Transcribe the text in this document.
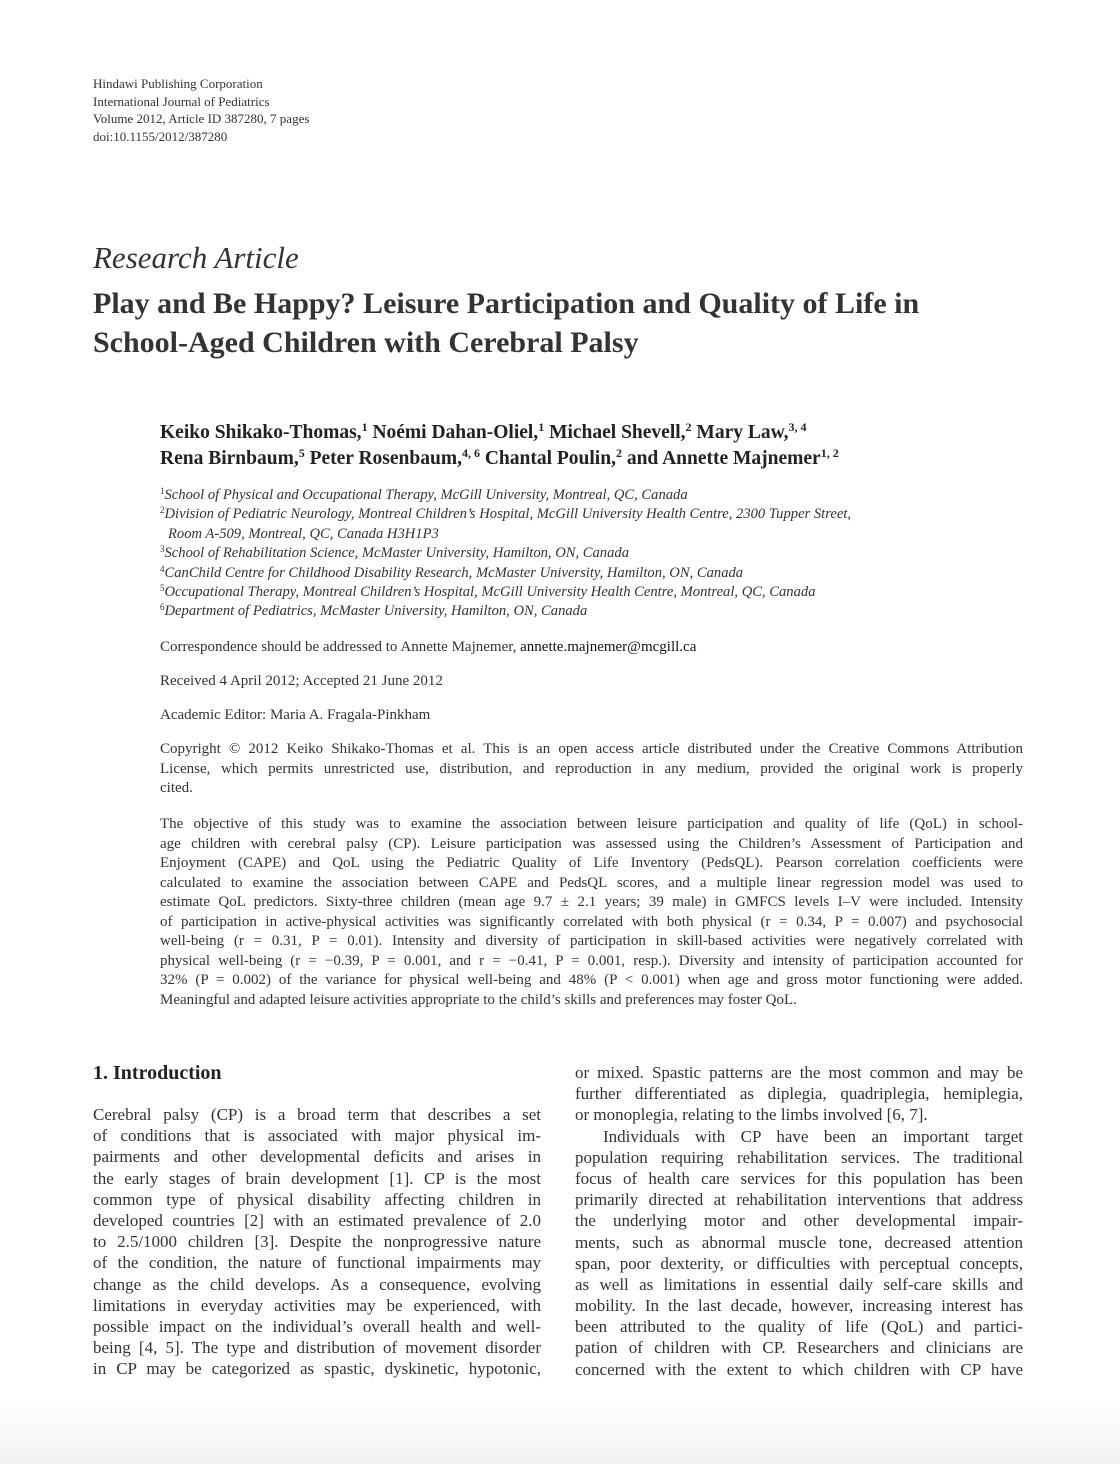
Hindawi Publishing Corporation
International Journal of Pediatrics
Volume 2012, Article ID 387280, 7 pages
doi:10.1155/2012/387280
Research Article
Play and Be Happy? Leisure Participation and Quality of Life in
School-Aged Children with Cerebral Palsy
Keiko Shikako-Thomas,$^1$ Noémi Dahan-Oliel,$^1$ Michael Shevell,$^2$ Mary Law,$^{3, 4}$
Rena Birnbaum,$^5$ Peter Rosenbaum,$^{4, 6}$ Chantal Poulin,$^2$ and Annette Majnemer$^{1, 2}$
$^1$School of Physical and Occupational Therapy, McGill University, Montreal, QC, Canada
$^2$Division of Pediatric Neurology, Montreal Children’s Hospital, McGill University Health Centre, 2300 Tupper Street,
Room A-509, Montreal, QC, Canada H3H1P3
$^3$School of Rehabilitation Science, McMaster University, Hamilton, ON, Canada
$^4$CanChild Centre for Childhood Disability Research, McMaster University, Hamilton, ON, Canada
$^5$Occupational Therapy, Montreal Children’s Hospital, McGill University Health Centre, Montreal, QC, Canada
$^6$Department of Pediatrics, McMaster University, Hamilton, ON, Canada
Correspondence should be addressed to Annette Majnemer, annette.majnemer@mcgill.ca
Received 4 April 2012; Accepted 21 June 2012
Academic Editor: Maria A. Fragala-Pinkham
Copyright © 2012 Keiko Shikako-Thomas et al. This is an open access article distributed under the Creative Commons Attribution
License, which permits unrestricted use, distribution, and reproduction in any medium, provided the original work is properly
cited.
The objective of this study was to examine the association between leisure participation and quality of life (QoL) in school-
age children with cerebral palsy (CP). Leisure participation was assessed using the Children’s Assessment of Participation and
Enjoyment (CAPE) and QoL using the Pediatric Quality of Life Inventory (PedsQL). Pearson correlation coefficients were
calculated to examine the association between CAPE and PedsQL scores, and a multiple linear regression model was used to
estimate QoL predictors. Sixty-three children (mean age 9.7 ± 2.1 years; 39 male) in GMFCS levels I–V were included. Intensity
of participation in active-physical activities was significantly correlated with both physical (r = 0.34, P = 0.007) and psychosocial
well-being (r = 0.31, P = 0.01). Intensity and diversity of participation in skill-based activities were negatively correlated with
physical well-being (r = −0.39, P = 0.001, and r = −0.41, P = 0.001, resp.). Diversity and intensity of participation accounted for
32% (P = 0.002) of the variance for physical well-being and 48% (P < 0.001) when age and gross motor functioning were added.
Meaningful and adapted leisure activities appropriate to the child’s skills and preferences may foster QoL.
1. Introduction
Cerebral palsy (CP) is a broad term that describes a set
of conditions that is associated with major physical im-
pairments and other developmental deficits and arises in
the early stages of brain development [1]. CP is the most
common type of physical disability affecting children in
developed countries [2] with an estimated prevalence of 2.0
to 2.5/1000 children [3]. Despite the nonprogressive nature
of the condition, the nature of functional impairments may
change as the child develops. As a consequence, evolving
limitations in everyday activities may be experienced, with
possible impact on the individual’s overall health and well-
being [4, 5]. The type and distribution of movement disorder
in CP may be categorized as spastic, dyskinetic, hypotonic,
or mixed. Spastic patterns are the most common and may be
further differentiated as diplegia, quadriplegia, hemiplegia,
or monoplegia, relating to the limbs involved [6, 7].
Individuals with CP have been an important target
population requiring rehabilitation services. The traditional
focus of health care services for this population has been
primarily directed at rehabilitation interventions that address
the underlying motor and other developmental impair-
ments, such as abnormal muscle tone, decreased attention
span, poor dexterity, or difficulties with perceptual concepts,
as well as limitations in essential daily self-care skills and
mobility. In the last decade, however, increasing interest has
been attributed to the quality of life (QoL) and partici-
pation of children with CP. Researchers and clinicians are
concerned with the extent to which children with CP have
